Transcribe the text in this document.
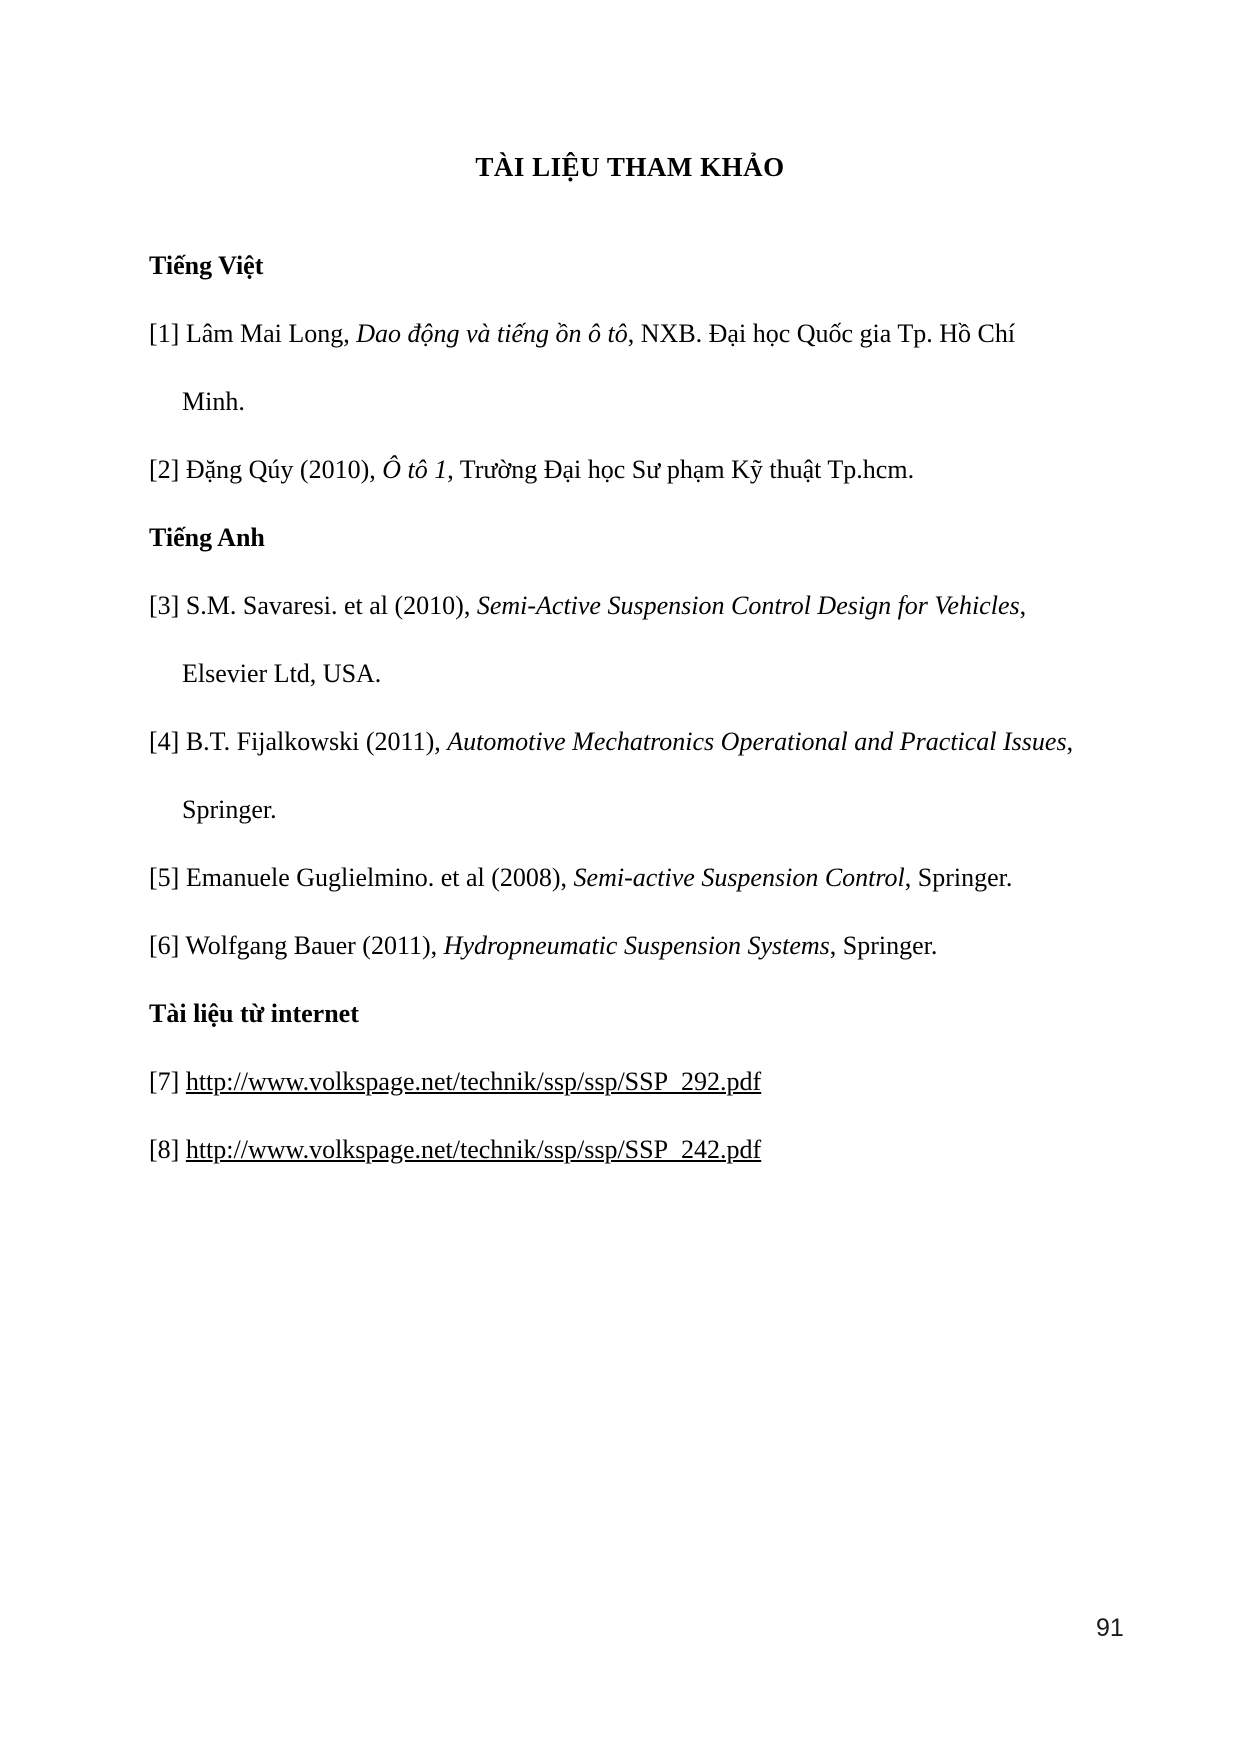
TÀI LIỆU THAM KHẢO
Tiếng Việt
[1] Lâm Mai Long, Dao động và tiếng ồn ô tô, NXB. Đại học Quốc gia Tp. Hồ Chí
Minh.
[2] Đặng Qúy (2010), Ô tô 1, Trường Đại học Sư phạm Kỹ thuật Tp.hcm.
Tiếng Anh
[3] S.M. Savaresi. et al (2010), Semi-Active Suspension Control Design for Vehicles,
Elsevier Ltd, USA.
[4] B.T. Fijalkowski (2011), Automotive Mechatronics Operational and Practical Issues,
Springer.
[5] Emanuele Guglielmino. et al (2008), Semi-active Suspension Control, Springer.
[6] Wolfgang Bauer (2011), Hydropneumatic Suspension Systems, Springer.
Tài liệu từ internet
[7] http://www.volkspage.net/technik/ssp/ssp/SSP_292.pdf
[8] http://www.volkspage.net/technik/ssp/ssp/SSP_242.pdf
91
